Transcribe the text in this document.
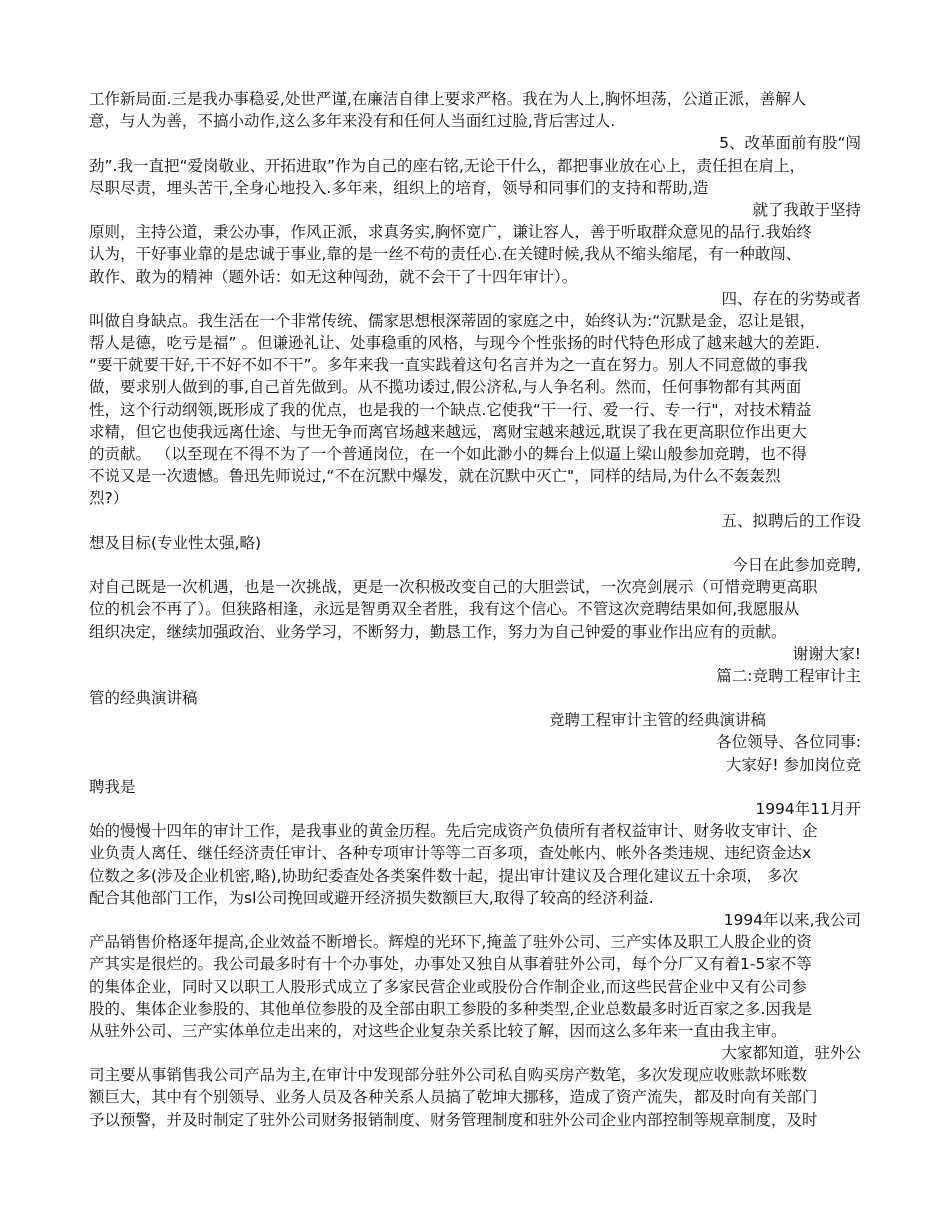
工作新局面.三是我办事稳妥,处世严谨,在廉洁自律上要求严格。我在为人上,胸怀坦荡，公道正派，善解人
意，与人为善，不搞小动作,这么多年来没有和任何人当面红过脸,背后害过人.
5、改革面前有股“闯
劲”.我一直把“爱岗敬业、开拓进取”作为自己的座右铭,无论干什么，都把事业放在心上，责任担在肩上，
尽职尽责，埋头苦干,全身心地投入.多年来，组织上的培育，领导和同事们的支持和帮助,造
就了我敢于坚持
原则，主持公道，秉公办事，作风正派，求真务实,胸怀宽广，谦让容人，善于听取群众意见的品行.我始终
认为，干好事业靠的是忠诚于事业,靠的是一丝不苟的责任心.在关键时候,我从不缩头缩尾，有一种敢闯、
敢作、敢为的精神（题外话：如无这种闯劲，就不会干了十四年审计）。
四、存在的劣势或者
叫做自身缺点。我生活在一个非常传统、儒家思想根深蒂固的家庭之中，始终认为:“沉默是金，忍让是银，
帮人是德，吃亏是福” 。但谦逊礼让、处事稳重的风格，与现今个性张扬的时代特色形成了越来越大的差距.
“要干就要干好,干不好不如不干”。多年来我一直实践着这句名言并为之一直在努力。别人不同意做的事我
做，要求别人做到的事,自己首先做到。从不揽功诿过,假公济私,与人争名利。然而，任何事物都有其两面
性，这个行动纲领,既形成了我的优点，也是我的一个缺点.它使我“干一行、爱一行、专一行"，对技术精益
求精，但它也使我远离仕途、与世无争而离官场越来越远，离财宝越来越远,耽误了我在更高职位作出更大
的贡献。 （以至现在不得不为了一个普通岗位，在一个如此渺小的舞台上似逼上梁山般参加竞聘，也不得
不说又是一次遗憾。鲁迅先师说过,“不在沉默中爆发，就在沉默中灭亡"，同样的结局,为什么不轰轰烈
烈?）
五、拟聘后的工作设
想及目标(专业性太强,略)
今日在此参加竞聘,
对自己既是一次机遇，也是一次挑战，更是一次积极改变自己的大胆尝试，一次亮剑展示（可惜竞聘更高职
位的机会不再了）。但狭路相逢，永远是智勇双全者胜，我有这个信心。不管这次竞聘结果如何,我愿服从
组织决定，继续加强政治、业务学习，不断努力，勤恳工作，努力为自己钟爱的事业作出应有的贡献。
谢谢大家!
篇二:竞聘工程审计主
管的经典演讲稿
竞聘工程审计主管的经典演讲稿
各位领导、各位同事:
大家好! 参加岗位竞
聘我是
1994年11月开
始的慢慢十四年的审计工作，是我事业的黄金历程。先后完成资产负债所有者权益审计、财务收支审计、企
业负责人离任、继任经济责任审计、各种专项审计等等二百多项，查处帐内、帐外各类违规、违纪资金达x
位数之多(涉及企业机密,略),协助纪委查处各类案件数十起，提出审计建议及合理化建议五十余项， 多次
配合其他部门工作，为sl公司挽回或避开经济损失数额巨大,取得了较高的经济利益.
1994年以来,我公司
产品销售价格逐年提高,企业效益不断增长。辉煌的光环下,掩盖了驻外公司、三产实体及职工人股企业的资
产其实是很烂的。我公司最多时有十个办事处，办事处又独自从事着驻外公司，每个分厂又有着1-5家不等
的集体企业，同时又以职工人股形式成立了多家民营企业或股份合作制企业,而这些民营企业中又有公司参
股的、集体企业参股的、其他单位参股的及全部由职工参股的多种类型,企业总数最多时近百家之多.因我是
从驻外公司、三产实体单位走出来的，对这些企业复杂关系比较了解，因而这么多年来一直由我主审。
大家都知道，驻外公
司主要从事销售我公司产品为主,在审计中发现部分驻外公司私自购买房产数笔，多次发现应收账款坏账数
额巨大，其中有个别领导、业务人员及各种关系人员搞了乾坤大挪移，造成了资产流失，都及时向有关部门
予以预警，并及时制定了驻外公司财务报销制度、财务管理制度和驻外公司企业内部控制等规章制度，及时
